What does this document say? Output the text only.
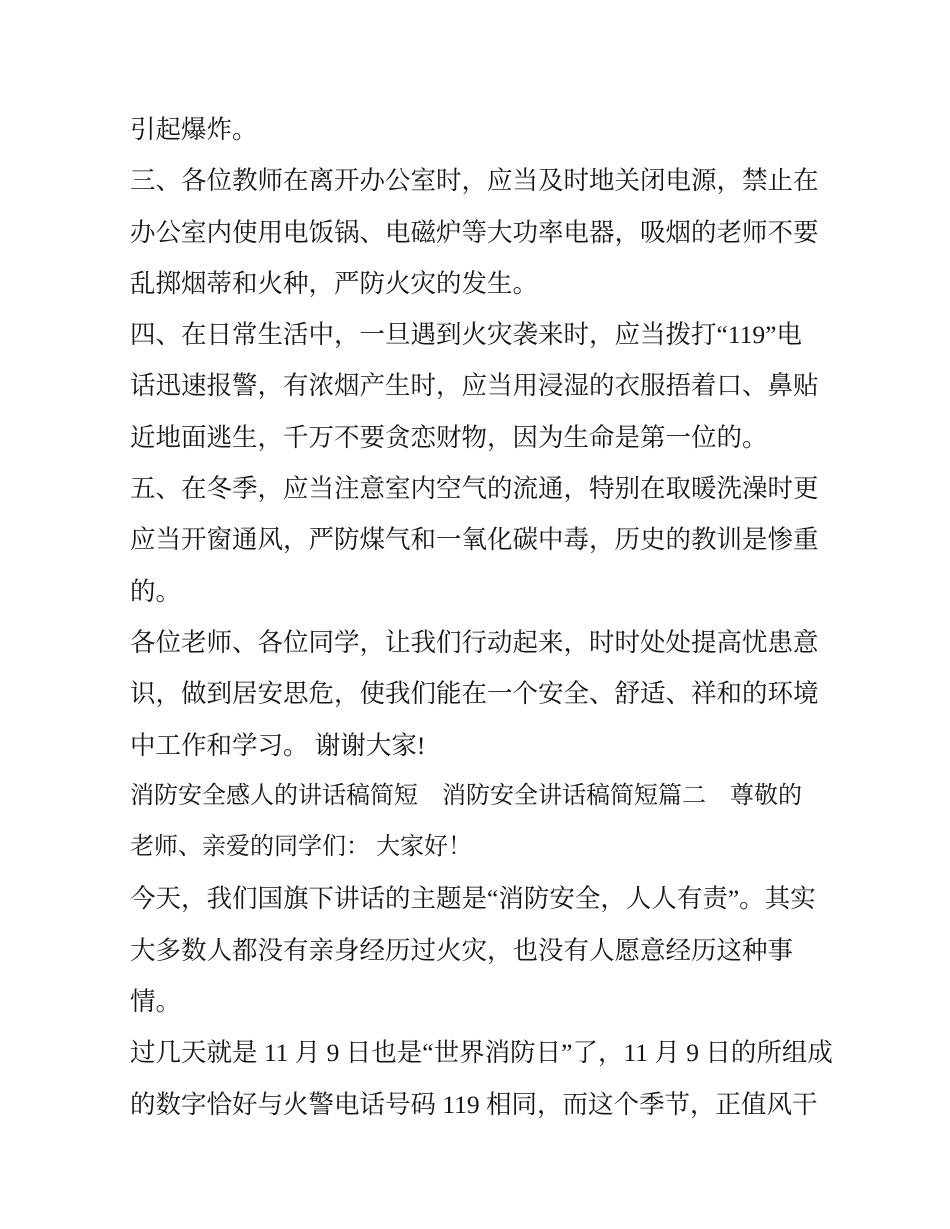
引起爆炸。
三、各位教师在离开办公室时，应当及时地关闭电源，禁止在
办公室内使用电饭锅、电磁炉等大功率电器，吸烟的老师不要
乱掷烟蒂和火种，严防火灾的发生。
四、在日常生活中，一旦遇到火灾袭来时，应当拨打“119”电
话迅速报警，有浓烟产生时，应当用浸湿的衣服捂着口、鼻贴
近地面逃生，千万不要贪恋财物，因为生命是第一位的。
五、在冬季，应当注意室内空气的流通，特别在取暖洗澡时更
应当开窗通风，严防煤气和一氧化碳中毒，历史的教训是惨重
的。
各位老师、各位同学，让我们行动起来，时时处处提高忧患意
识，做到居安思危，使我们能在一个安全、舒适、祥和的环境
中工作和学习。 谢谢大家!
消防安全感人的讲话稿简短　消防安全讲话稿简短篇二　尊敬的
老师、亲爱的同学们： 大家好！
今天，我们国旗下讲话的主题是“消防安全，人人有责”。其实
大多数人都没有亲身经历过火灾，也没有人愿意经历这种事
情。
过几天就是 11 月 9 日也是“世界消防日”了，11 月 9 日的所组成
的数字恰好与火警电话号码 119 相同，而这个季节，正值风干
